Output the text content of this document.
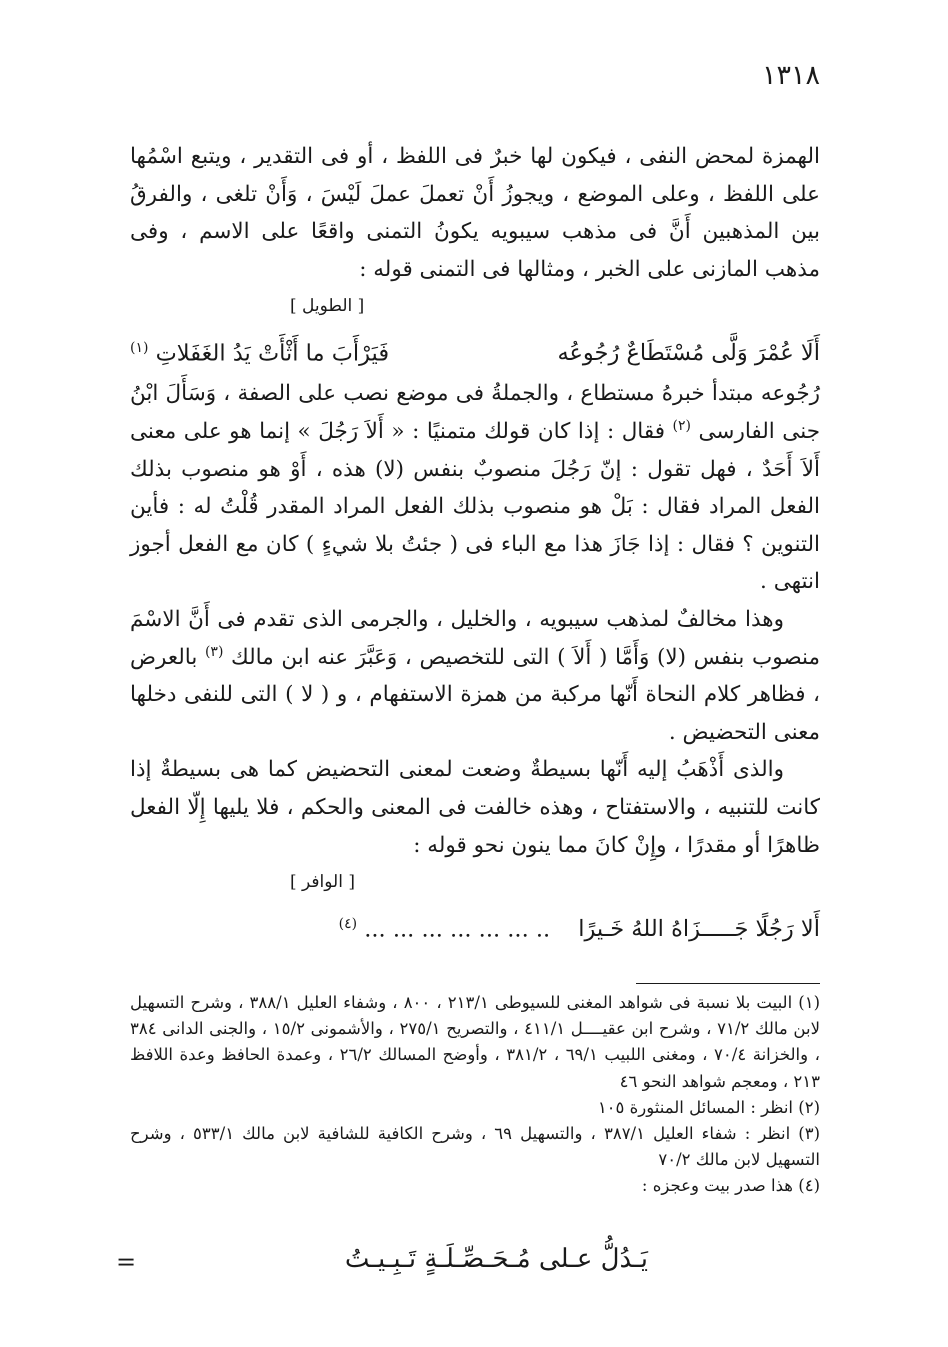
١٣١٨

الهمزة لمحض النفى ، فيكون لها خبرٌ فى اللفظ ، أو فى التقدير ، ويتبع اسْمُها على اللفظ ، وعلى الموضع ، ويجوزُ أَنْ تعملَ عملَ لَيْسَ ، وَأَنْ تلغى ، والفرقُ بين المذهبين أَنَّ فى مذهب سيبويه يكونُ التمنى واقعًا على الاسم ، وفى مذهب المازنى على الخبر ، ومثالها فى التمنى قوله :

[ الطويل ]
أَلَا عُمْرَ وَلَّى مُسْتَطَاعٌ رُجُوعُه
فَيَرْأَبَ ما أَثْأَتْ يَدُ الغَفَلاتِ $^{(١)}$

رُجُوعه مبتدأ خبرهُ مستطاع ، والجملةُ فى موضع نصب على الصفة ، وَسَأَلَ ابْنُ جنى الفارسى $^{(٢)}$ فقال : إذا كان قولك متمنيًا : « أَلاَ رَجُلَ » إنما هو على معنى أَلاَ أَحَدٌ ، فهل تقول : إنّ رَجُلَ منصوبٌ بنفس (لا) هذه ، أَوْ هو منصوب بذلك الفعل المراد فقال : بَلْ هو منصوب بذلك الفعل المراد المقدر قُلْتُ له : فأين التنوين ؟ فقال : إذا جَازَ هذا مع الباء فى ( جئتُ بلا شيءٍ ) كان مع الفعل أجوز انتهى .

وهذا مخالفٌ لمذهب سيبويه ، والخليل ، والجرمى الذى تقدم فى أَنَّ الاسْمَ منصوب بنفس (لا) وَأَمَّا ( أَلاَ ) التى للتخصيص ، وَعَبَّرَ عنه ابن مالك $^{(٣)}$ بالعرض ، فظاهر كلام النحاة أَنّها مركبة من همزة الاستفهام ، و ( لا ) التى للنفى دخلها معنى التحضيض .

والذى أَذْهَبُ إليه أَنّها بسيطةٌ وضعت لمعنى التحضيض كما هى بسيطةٌ إذا كانت للتنبيه ، والاستفتاح ، وهذه خالفت فى المعنى والحكم ، فلا يليها إِلّا الفعل ظاهرًا أو مقدرًا ، وإِنْ كانَ مما ينون نحو قوله :

[ الوافر ]
أَلا رَجُلًا جَـــــزَاهُ اللهُ خَـيرًا
.. ... ... ... ... ... ... $^{(٤)}$

(١) البيت بلا نسبة فى شواهد المغنى للسيوطى ٢١٣/١ ، ٨٠٠ ، وشفاء العليل ٣٨٨/١ ، وشرح التسهيل لابن مالك ٧١/٢ ، وشرح ابن عقيــــل ٤١١/١ ، والتصريح ٢٧٥/١ ، والأشمونى ١٥/٢ ، والجنى الدانى ٣٨٤ ، والخزانة ٧٠/٤ ، ومغنى اللبيب ٦٩/١ ، ٣٨١/٢ ، وأوضح المسالك ٢٦/٢ ، وعمدة الحافظ وعدة اللافظ ٢١٣ ، ومعجم شواهد النحو ٤٦

(٢) انظر : المسائل المنثورة ١٠٥

(٣) انظر : شفاء العليل ٣٨٧/١ ، والتسهيل ٦٩ ، وشرح الكافية للشافية لابن مالك ٥٣٣/١ ، وشرح التسهيل لابن مالك ٧٠/٢

(٤) هذا صدر بيت وعجزه :

يَـدُلُّ عـلى مُـحَـصِّـلَـةٍ تَـبِـيـتُ
=
